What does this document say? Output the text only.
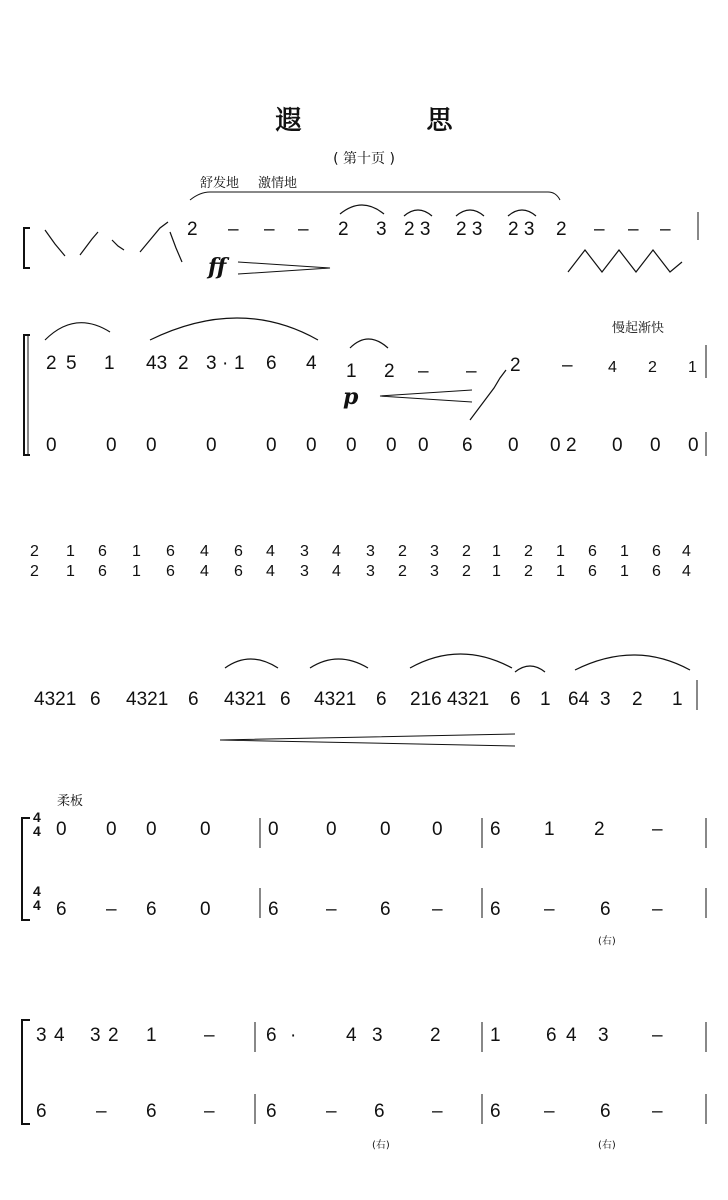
遐 思
( 第十页 )
舒发地 激情地
慢起渐快
柔板
ff
p
2 – – – 2 3 2 3 2 3 2 3 2 – – –
2 5 1 43 2 3 · 1 6 4 1 2 – – 2 – 4 2 1
0	0 0	0	0 0 0 0 0 6 0 0 2 0 0 0
2 1 6 1 6 4 6 4 3 4 3 2 3 2 1 2 1 6 1 6 4
2 1 6 1 6 4 6 4 3 4 3 2 3 2 1 2 1 6 1 6 4
4321 6 4321 6 4321 6 4321 6 216 4321 6 1 64 3 2 1
4
4
4
4
0 0 0 0	0 0 0 0 6 1 2 –
6 – 6 0	6 – 6 – 6 – 6 –
3 4 3 2 1 –	6 ·	4 3 2	1 6 4 3 –
6	– 6 –	6	– 6 – 6 – 6 –
(右)
(右)	(右)
